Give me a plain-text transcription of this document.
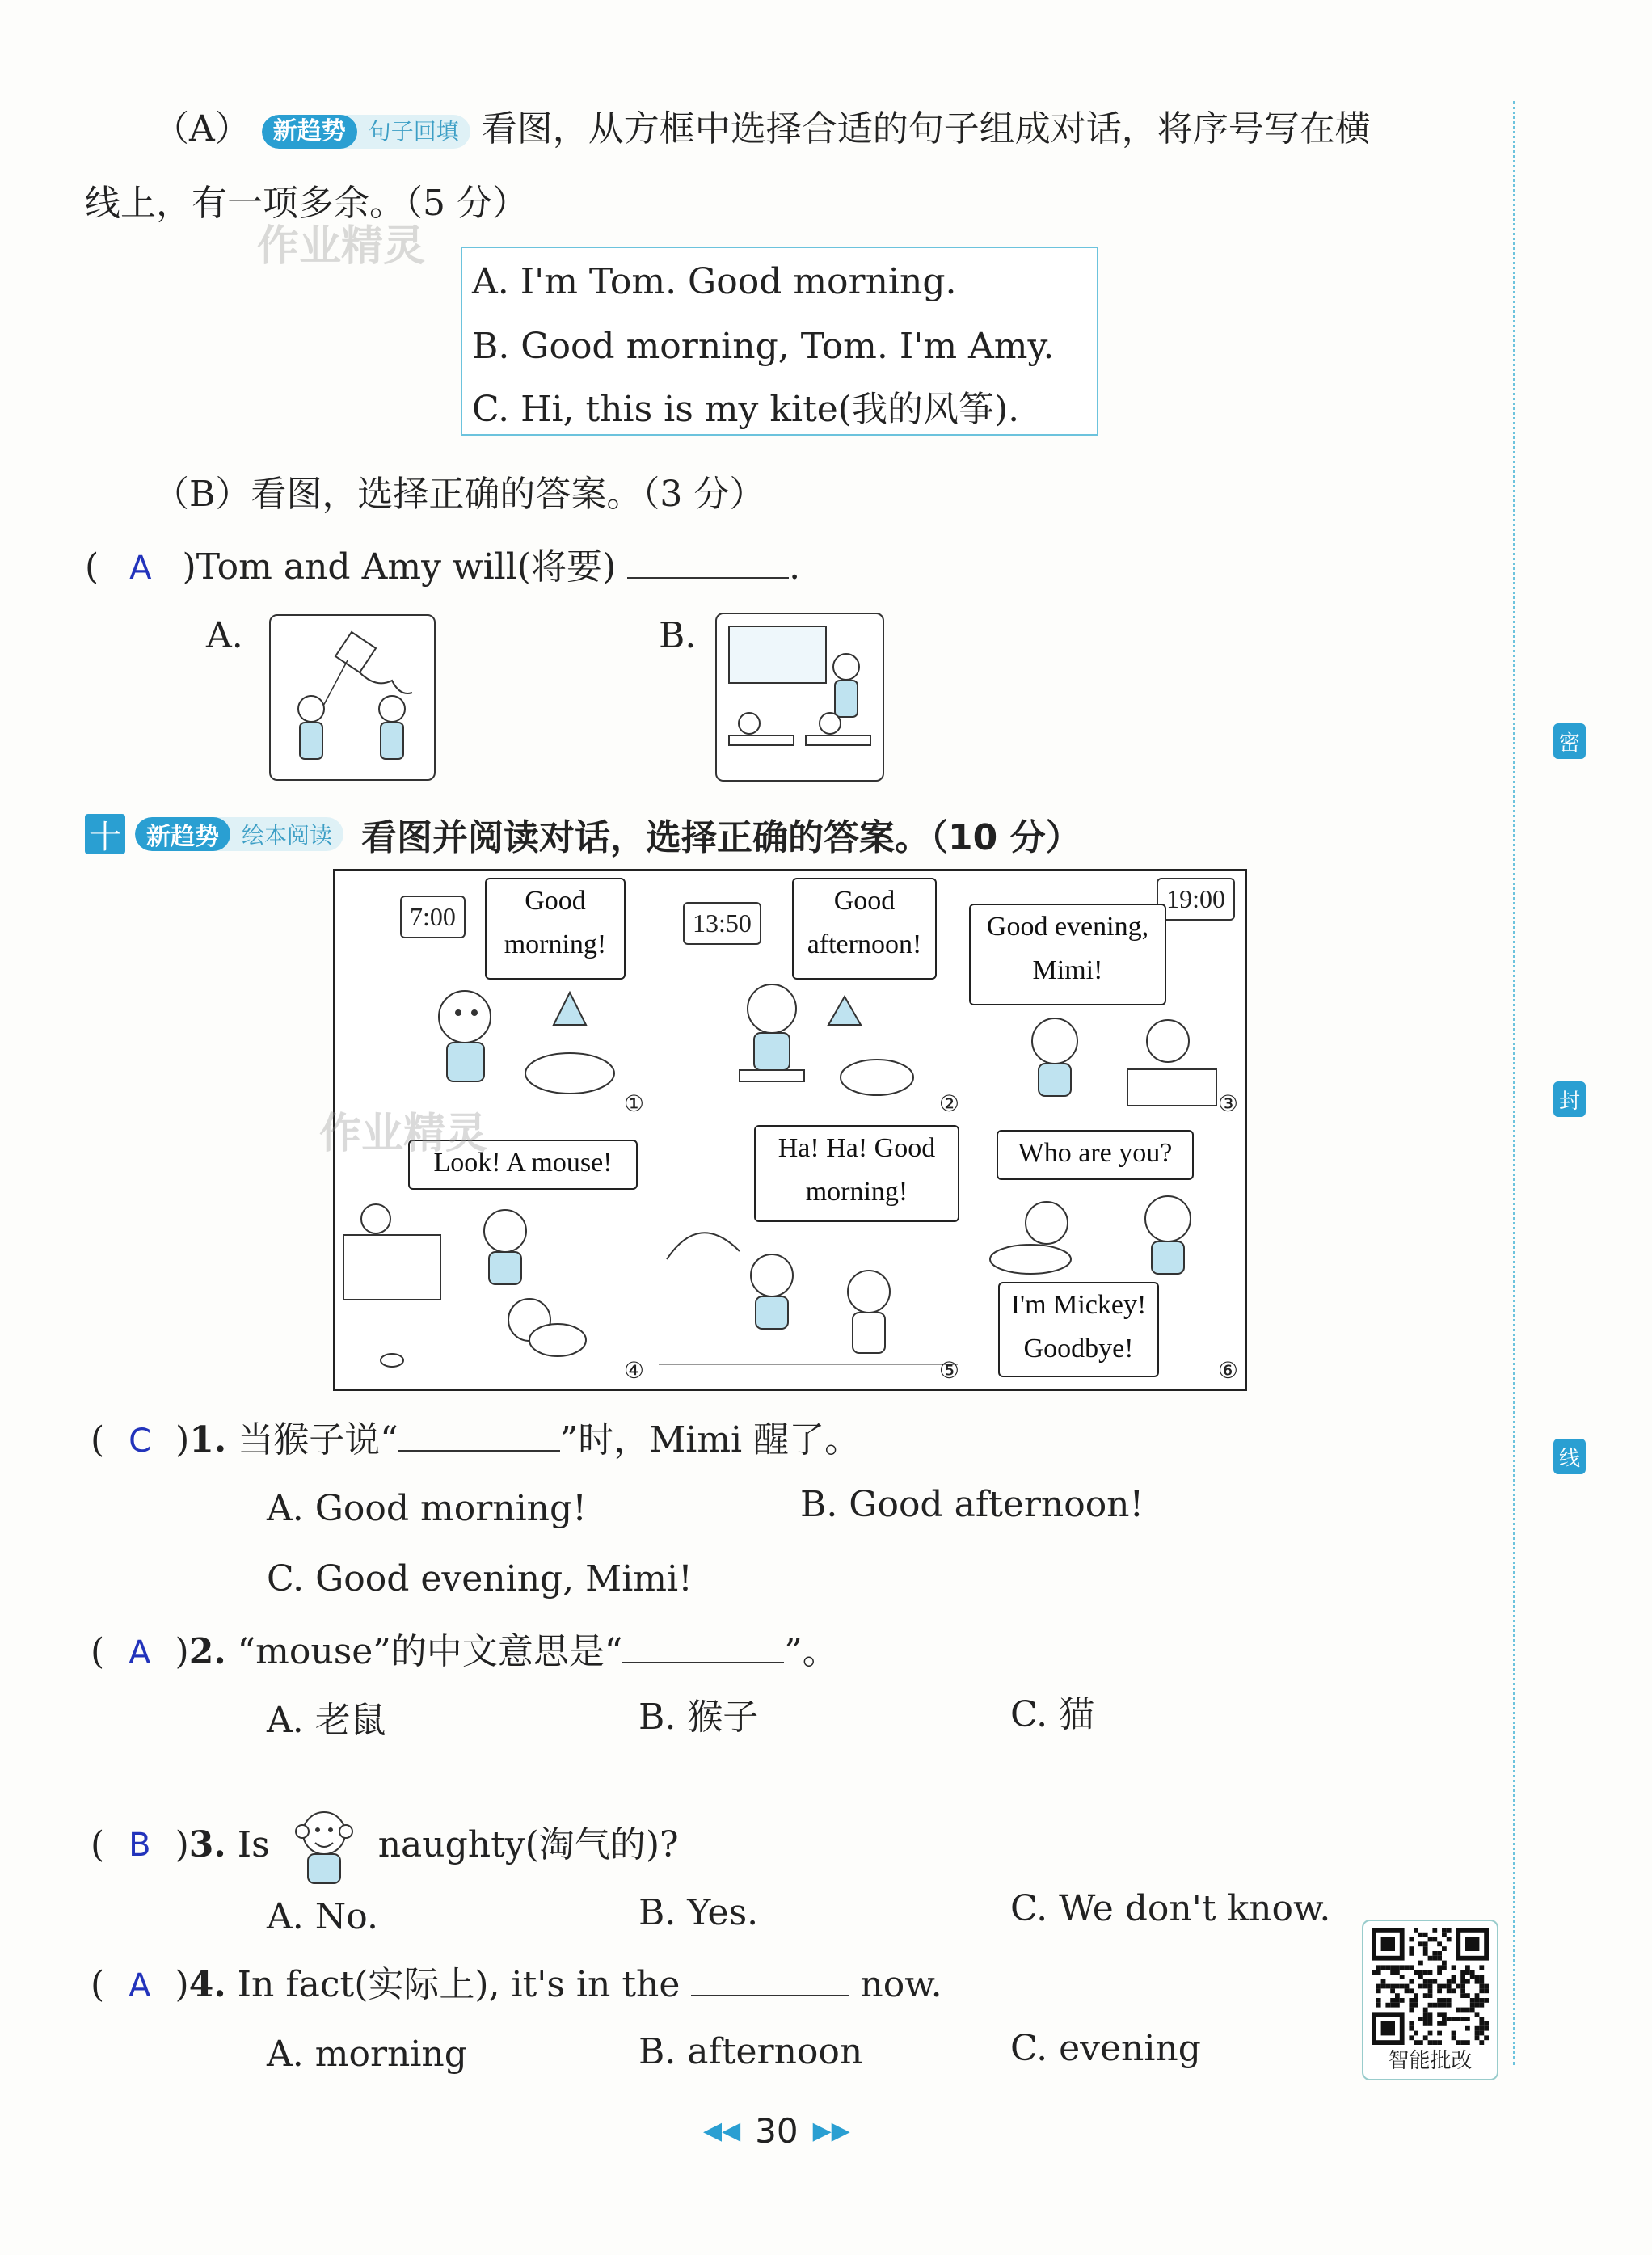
密
封
线
（A） 新趋势	句子回填 看图，从方框中选择合适的句子组成对话，将序号写在横
线上，有一项多余。（5 分）
作业精灵
A. I'm Tom. Good morning.
B. Good morning, Tom. I'm Amy.
C. Hi, this is my kite(我的风筝).
（B）看图，选择正确的答案。（3 分）
( A )Tom and Amy will(将要)	.
A.	B.
十	新趋势	绘本阅读 看图并阅读对话，选择正确的答案。（10 分）
7:00
Good
morning!
①
13:50
Good
afternoon!
②
19:00
Good evening,
Mimi!
③
Look! A mouse!
④
Ha! Ha! Good
morning!
⑤
Who are you?
I'm Mickey!
Goodbye!
⑥
作业精灵
( C )1. 当猴子说“	”时，Mimi 醒了。
A. Good morning!	B. Good afternoon!
C. Good evening, Mimi!
( A )2. “mouse”的中文意思是“	”。
A. 老鼠	B. 猴子	C. 猫
( B ) 3.
Is	naughty(淘气的)?
A. No.	B. Yes.	C. We don't know.
( A )4. In fact(实际上), it's in the	now.
A. morning	B. afternoon	C. evening	智能批改
◀◀ 30 ▶▶
